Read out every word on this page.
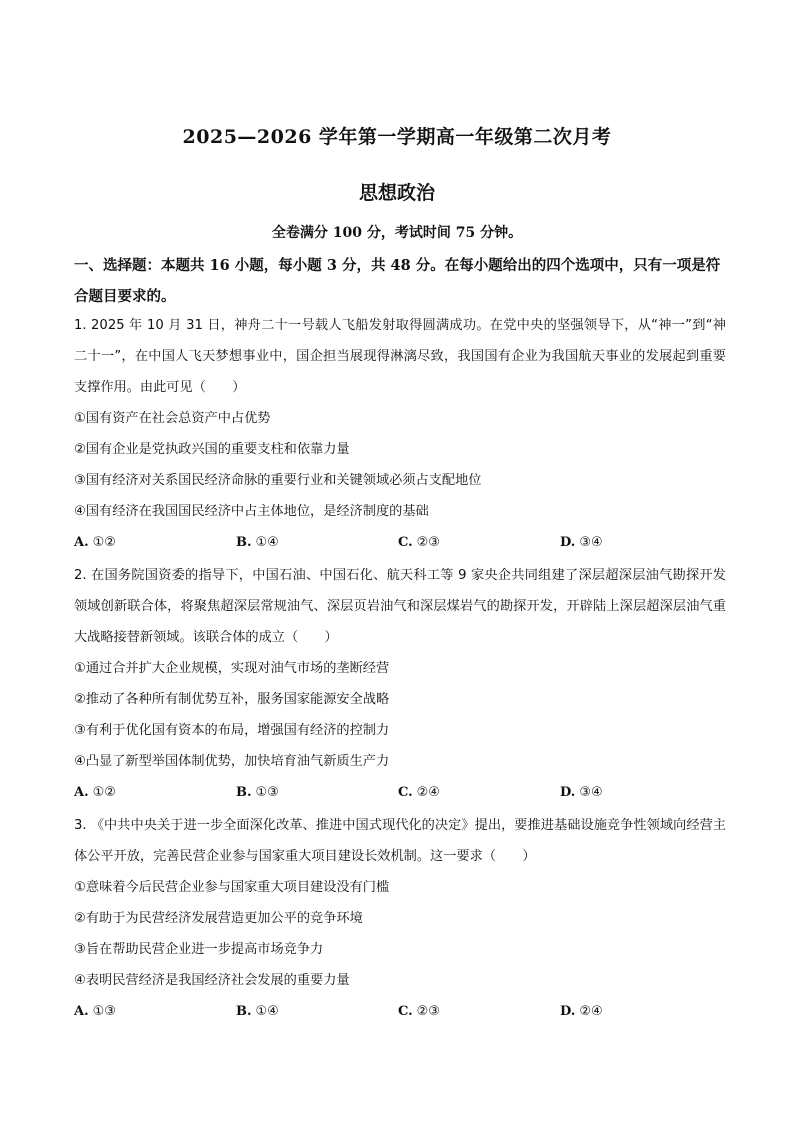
2025—2026 学年第一学期高一年级第二次月考
思想政治
全卷满分 100 分，考试时间 75 分钟。
一、选择题：本题共 16 小题，每小题 3 分，共 48 分。在每小题给出的四个选项中，只有一项是符合题目要求的。
1. 2025 年 10 月 31 日，神舟二十一号载人飞船发射取得圆满成功。在党中央的坚强领导下，从“神一”到“神二十一”，在中国人飞天梦想事业中，国企担当展现得淋漓尽致，我国国有企业为我国航天事业的发展起到重要支撑作用。由此可见（　　）
①国有资产在社会总资产中占优势
②国有企业是党执政兴国的重要支柱和依靠力量
③国有经济对关系国民经济命脉的重要行业和关键领域必须占支配地位
④国有经济在我国国民经济中占主体地位，是经济制度的基础
A. ①②	B. ①④	C. ②③	D. ③④
2. 在国务院国资委的指导下，中国石油、中国石化、航天科工等 9 家央企共同组建了深层超深层油气勘探开发领域创新联合体，将聚焦超深层常规油气、深层页岩油气和深层煤岩气的勘探开发，开辟陆上深层超深层油气重大战略接替新领域。该联合体的成立（　　）
①通过合并扩大企业规模，实现对油气市场的垄断经营
②推动了各种所有制优势互补，服务国家能源安全战略
③有利于优化国有资本的布局，增强国有经济的控制力
④凸显了新型举国体制优势，加快培育油气新质生产力
A. ①②	B. ①③	C. ②④	D. ③④
3. 《中共中央关于进一步全面深化改革、推进中国式现代化的决定》提出，要推进基础设施竞争性领域向经营主体公平开放，完善民营企业参与国家重大项目建设长效机制。这一要求（　　）
①意味着今后民营企业参与国家重大项目建设没有门槛
②有助于为民营经济发展营造更加公平的竞争环境
③旨在帮助民营企业进一步提高市场竞争力
④表明民营经济是我国经济社会发展的重要力量
A. ①③	B. ①④	C. ②③	D. ②④
